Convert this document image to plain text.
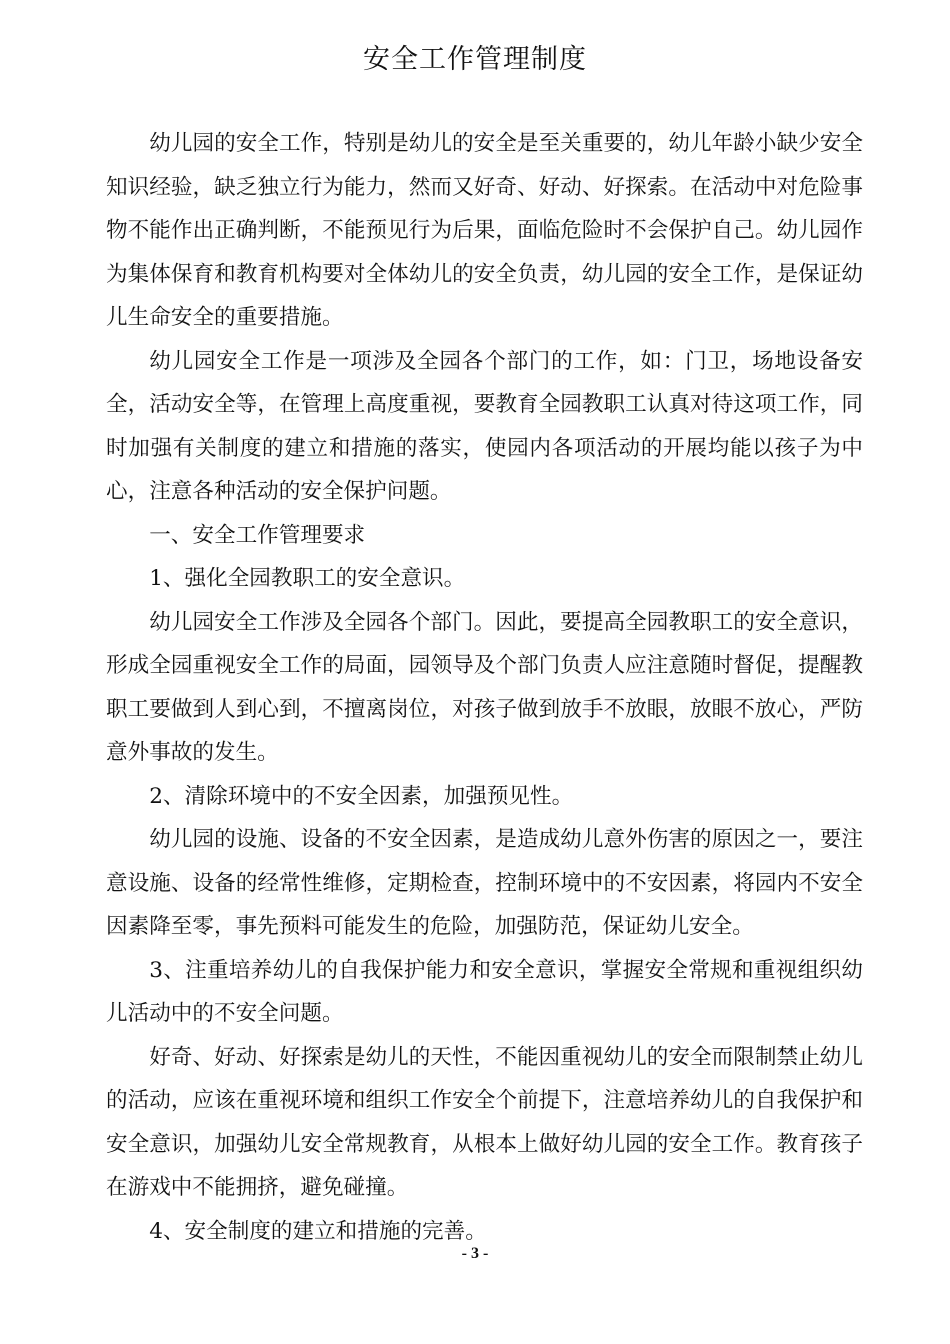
安全工作管理制度

幼儿园的安全工作，特别是幼儿的安全是至关重要的，幼儿年龄小缺少安全知识经验，缺乏独立行为能力，然而又好奇、好动、好探索。在活动中对危险事物不能作出正确判断，不能预见行为后果，面临危险时不会保护自己。幼儿园作为集体保育和教育机构要对全体幼儿的安全负责，幼儿园的安全工作，是保证幼儿生命安全的重要措施。

幼儿园安全工作是一项涉及全园各个部门的工作，如：门卫，场地设备安全，活动安全等，在管理上高度重视，要教育全园教职工认真对待这项工作，同时加强有关制度的建立和措施的落实，使园内各项活动的开展均能以孩子为中心，注意各种活动的安全保护问题。

一、安全工作管理要求

1、强化全园教职工的安全意识。

幼儿园安全工作涉及全园各个部门。因此，要提高全园教职工的安全意识，形成全园重视安全工作的局面，园领导及个部门负责人应注意随时督促，提醒教职工要做到人到心到，不擅离岗位，对孩子做到放手不放眼，放眼不放心，严防意外事故的发生。

2、清除环境中的不安全因素，加强预见性。

幼儿园的设施、设备的不安全因素，是造成幼儿意外伤害的原因之一，要注意设施、设备的经常性维修，定期检查，控制环境中的不安因素，将园内不安全因素降至零，事先预料可能发生的危险，加强防范，保证幼儿安全。

3、注重培养幼儿的自我保护能力和安全意识，掌握安全常规和重视组织幼儿活动中的不安全问题。

好奇、好动、好探索是幼儿的天性，不能因重视幼儿的安全而限制禁止幼儿的活动，应该在重视环境和组织工作安全个前提下，注意培养幼儿的自我保护和安全意识，加强幼儿安全常规教育，从根本上做好幼儿园的安全工作。教育孩子在游戏中不能拥挤，避免碰撞。

4、安全制度的建立和措施的完善。

- 3 -
